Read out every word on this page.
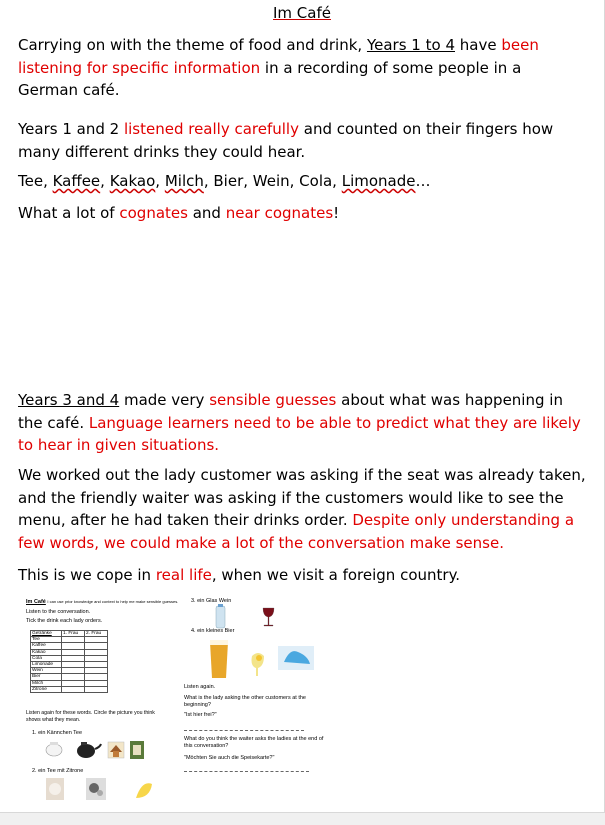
Im Café
Carrying on with the theme of food and drink, Years 1 to 4 have been listening for specific information in a recording of some people in a German café.
Years 1 and 2 listened really carefully and counted on their fingers how many different drinks they could hear.
Tee, Kaffee, Kakao, Milch, Bier, Wein, Cola, Limonade…
What a lot of cognates and near cognates!
Years 3 and 4 made very sensible guesses about what was happening in the café. Language learners need to be able to predict what they are likely to hear in given situations.
We worked out the lady customer was asking if the seat was already taken, and the friendly waiter was asking if the customers would like to see the menu, after he had taken their drinks order. Despite only understanding a few words, we could make a lot of the conversation make sense.
This is we cope in real life, when we visit a foreign country.
Im Café I can use prior knowledge and context to help me make sensible guesses.
Listen to the conversation.
Tick the drink each lady orders.
Getränke	1. Frau	2. Frau
Tee		
Kaffee		
Kakao		
Cola		
Limonade		
Wein		
Bier		
Milch		
Zitrone		
Listen again for these words. Circle the picture you think shows what they mean.
1. ein Kännchen Tee
2. ein Tee mit Zitrone
3. ein Glas Wein
4. ein kleines Bier
Listen again.
What is the lady asking the other customers at the beginning?
"Ist hier frei?"
What do you think the waiter asks the ladies at the end of this conversation?
"Möchten Sie auch die Speisekarte?"
